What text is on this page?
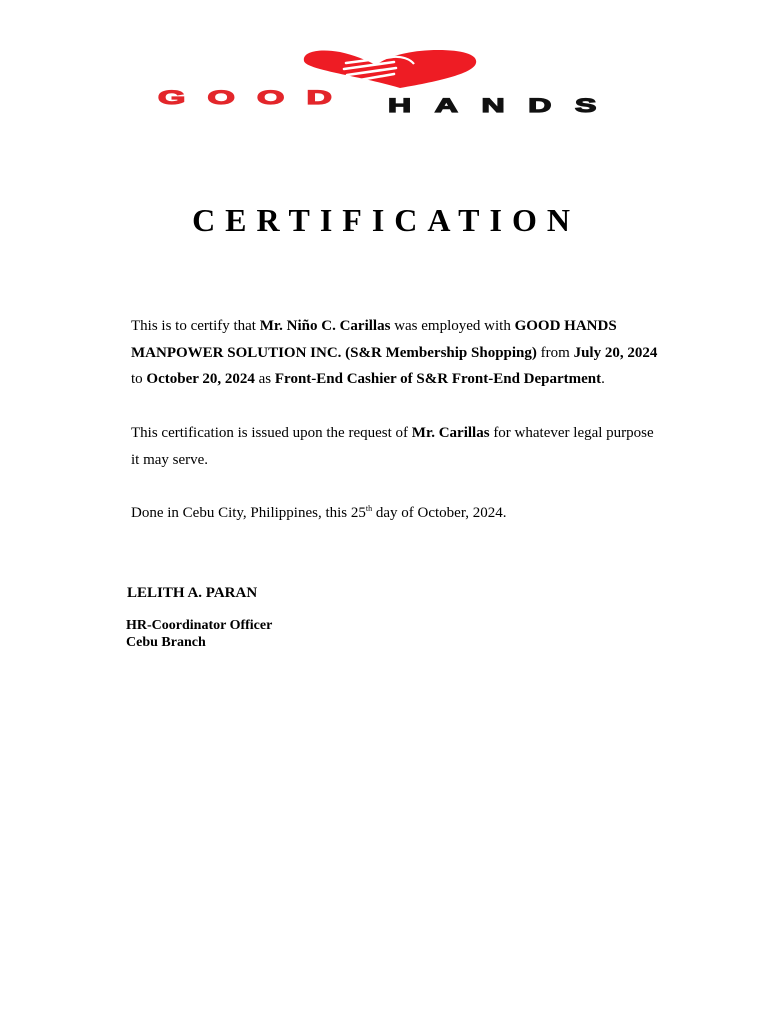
GOOD HANDS
CERTIFICATION

This is to certify that Mr. Niño C. Carillas was employed with GOOD HANDS MANPOWER SOLUTION INC. (S&R Membership Shopping) from July 20, 2024 to October 20, 2024 as Front-End Cashier of S&R Front-End Department.

This certification is issued upon the request of Mr. Carillas for whatever legal purpose it may serve.

Done in Cebu City, Philippines, this 25th day of October, 2024.

LELITH A. PARAN
HR-Coordinator Officer
Cebu Branch
